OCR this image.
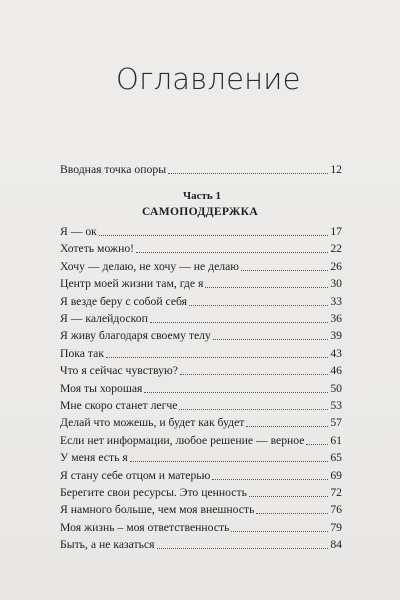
Оглавление
Вводная точка опоры	12
Часть 1
САМОПОДДЕРЖКА
Я — ок	17
Хотеть можно!	22
Хочу — делаю, не хочу — не делаю	26
Центр моей жизни там, где я	30
Я везде беру с собой себя	33
Я — калейдоскоп	36
Я живу благодаря своему телу	39
Пока так	43
Что я сейчас чувствую?	46
Моя ты хорошая	50
Мне скоро станет легче	53
Делай что можешь, и будет как будет	57
Если нет информации, любое решение — верное 61
У меня есть я	65
Я стану себе отцом и матерью	69
Берегите свои ресурсы. Это ценность	72
Я намного больше, чем моя внешность	76
Моя жизнь – моя ответственность	79
Быть, а не казаться	84
